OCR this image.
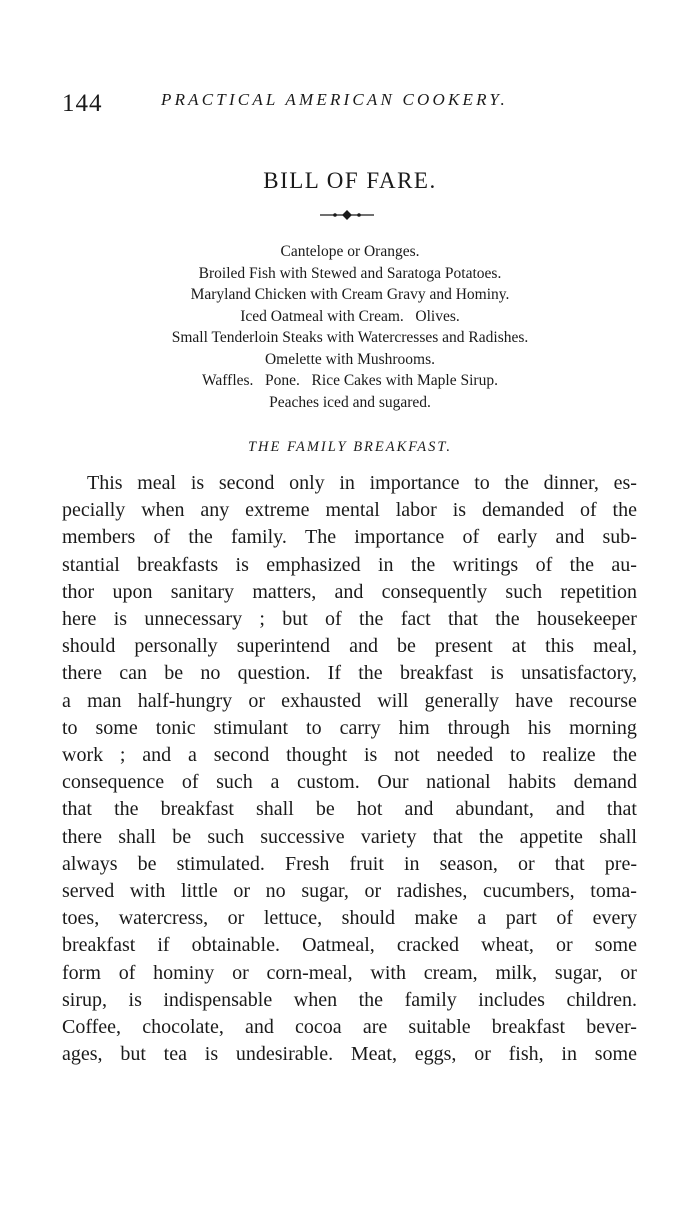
144	PRACTICAL AMERICAN COOKERY.
BILL OF FARE.
Cantelope or Oranges.
Broiled Fish with Stewed and Saratoga Potatoes.
Maryland Chicken with Cream Gravy and Hominy.
Iced Oatmeal with Cream.   Olives.
Small Tenderloin Steaks with Watercresses and Radishes.
Omelette with Mushrooms.
Waffles.   Pone.   Rice Cakes with Maple Sirup.
Peaches iced and sugared.
THE FAMILY BREAKFAST.
This meal is second only in importance to the dinner, es-
pecially when any extreme mental labor is demanded of the
members of the family. The importance of early and sub-
stantial breakfasts is emphasized in the writings of the au-
thor upon sanitary matters, and consequently such repetition
here is unnecessary ; but of the fact that the housekeeper
should personally superintend and be present at this meal,
there can be no question. If the breakfast is unsatisfactory,
a man half-hungry or exhausted will generally have recourse
to some tonic stimulant to carry him through his morning
work ; and a second thought is not needed to realize the
consequence of such a custom. Our national habits demand
that the breakfast shall be hot and abundant, and that
there shall be such successive variety that the appetite shall
always be stimulated. Fresh fruit in season, or that pre-
served with little or no sugar, or radishes, cucumbers, toma-
toes, watercress, or lettuce, should make a part of every
breakfast if obtainable. Oatmeal, cracked wheat, or some
form of hominy or corn-meal, with cream, milk, sugar, or
sirup, is indispensable when the family includes children.
Coffee, chocolate, and cocoa are suitable breakfast bever-
ages, but tea is undesirable. Meat, eggs, or fish, in some
